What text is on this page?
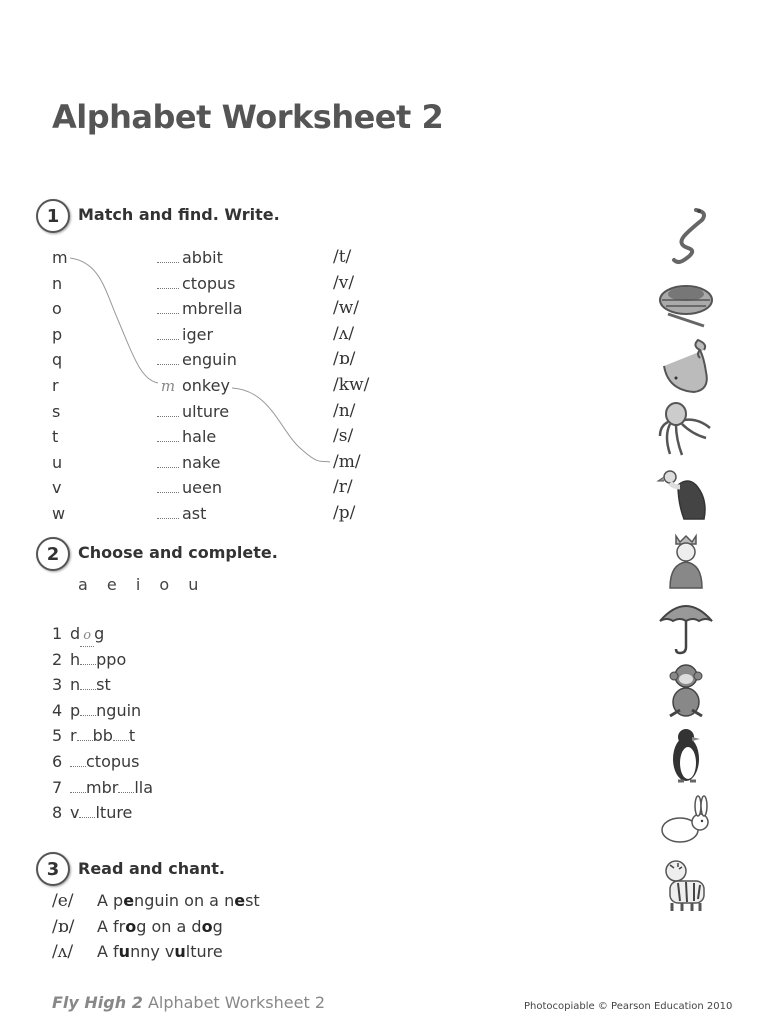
Alphabet Worksheet 2
1	Match and find. Write.
m	abbit	/t/
n	ctopus	/v/
o	mbrella	/w/
p	iger	/ʌ/
q	enguin	/ɒ/
r	m onkey	/kw/
s	ulture	/n/
t	hale	/s/
u	nake	/m/
v	ueen	/r/
w	ast	/p/
2	Choose and complete.
a e i o u
1 d o g
2 h ppo
3 n st
4 p nguin
5 r bb t
6 ctopus
7 mbr lla
8 v lture
3	Read and chant.
/e/ A penguin on a nest
/ɒ/ A frog on a dog
/ʌ/ A funny vulture
Fly High 2 Alphabet Worksheet 2	Photocopiable © Pearson Education 2010
